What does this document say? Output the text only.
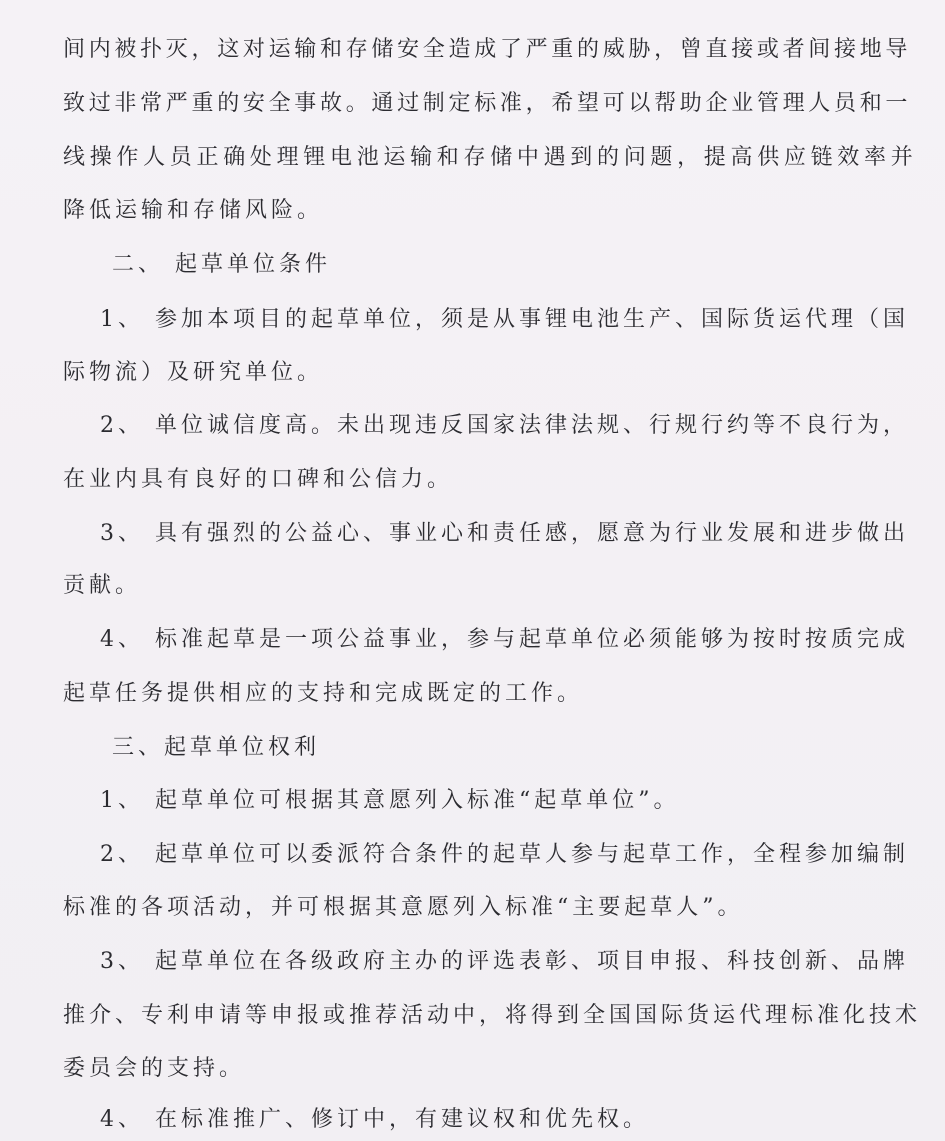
间内被扑灭，这对运输和存储安全造成了严重的威胁，曾直接或者间接地导
致过非常严重的安全事故。通过制定标准，希望可以帮助企业管理人员和一
线操作人员正确处理锂电池运输和存储中遇到的问题，提高供应链效率并
降低运输和存储风险。
二、 起草单位条件
1、 参加本项目的起草单位，须是从事锂电池生产、国际货运代理（国
际物流）及研究单位。
2、 单位诚信度高。未出现违反国家法律法规、行规行约等不良行为，
在业内具有良好的口碑和公信力。
3、 具有强烈的公益心、事业心和责任感，愿意为行业发展和进步做出
贡献。
4、 标准起草是一项公益事业，参与起草单位必须能够为按时按质完成
起草任务提供相应的支持和完成既定的工作。
三、起草单位权利
1、 起草单位可根据其意愿列入标准“起草单位”。
2、 起草单位可以委派符合条件的起草人参与起草工作，全程参加编制
标准的各项活动，并可根据其意愿列入标准“主要起草人”。
3、 起草单位在各级政府主办的评选表彰、项目申报、科技创新、品牌
推介、专利申请等申报或推荐活动中，将得到全国国际货运代理标准化技术
委员会的支持。
4、 在标准推广、修订中，有建议权和优先权。
